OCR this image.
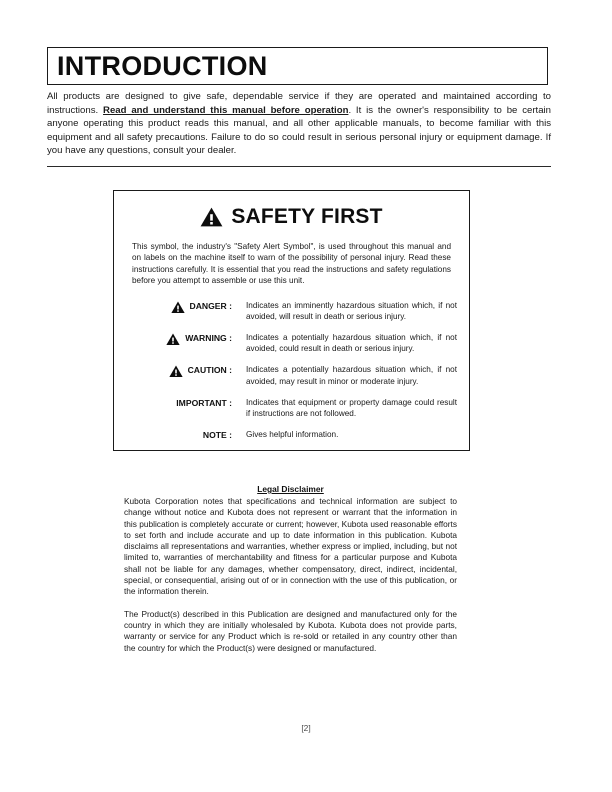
INTRODUCTION
All products are designed to give safe, dependable service if they are operated and maintained according to instructions. Read and understand this manual before operation. It is the owner's responsibility to be certain anyone operating this product reads this manual, and all other applicable manuals, to become familiar with this equipment and all safety precautions. Failure to do so could result in serious personal injury or equipment damage. If you have any questions, consult your dealer.
SAFETY FIRST
This symbol, the industry's "Safety Alert Symbol", is used throughout this manual and on labels on the machine itself to warn of the possibility of personal injury. Read these instructions carefully. It is essential that you read the instructions and safety regulations before you attempt to assemble or use this unit.
DANGER :	Indicates an imminently hazardous situation which, if not avoided, will result in death or serious injury.
WARNING :	Indicates a potentially hazardous situation which, if not avoided, could result in death or serious injury.
CAUTION :	Indicates a potentially hazardous situation which, if not avoided, may result in minor or moderate injury.
IMPORTANT :	Indicates that equipment or property damage could result if instructions are not followed.
NOTE :	Gives helpful information.
Legal Disclaimer

Kubota Corporation notes that specifications and technical information are subject to change without notice and Kubota does not represent or warrant that the information in this publication is completely accurate or current; however, Kubota used reasonable efforts to set forth and include accurate and up to date information in this publication. Kubota disclaims all representations and warranties, whether express or implied, including, but not limited to, warranties of merchantability and fitness for a particular purpose and Kubota shall not be liable for any damages, whether compensatory, direct, indirect, incidental, special, or consequential, arising out of or in connection with the use of this publication, or the information therein.

The Product(s) described in this Publication are designed and manufactured only for the country in which they are initially wholesaled by Kubota. Kubota does not provide parts, warranty or service for any Product which is re-sold or retailed in any country other than the country for which the Product(s) were designed or manufactured.

[2]
